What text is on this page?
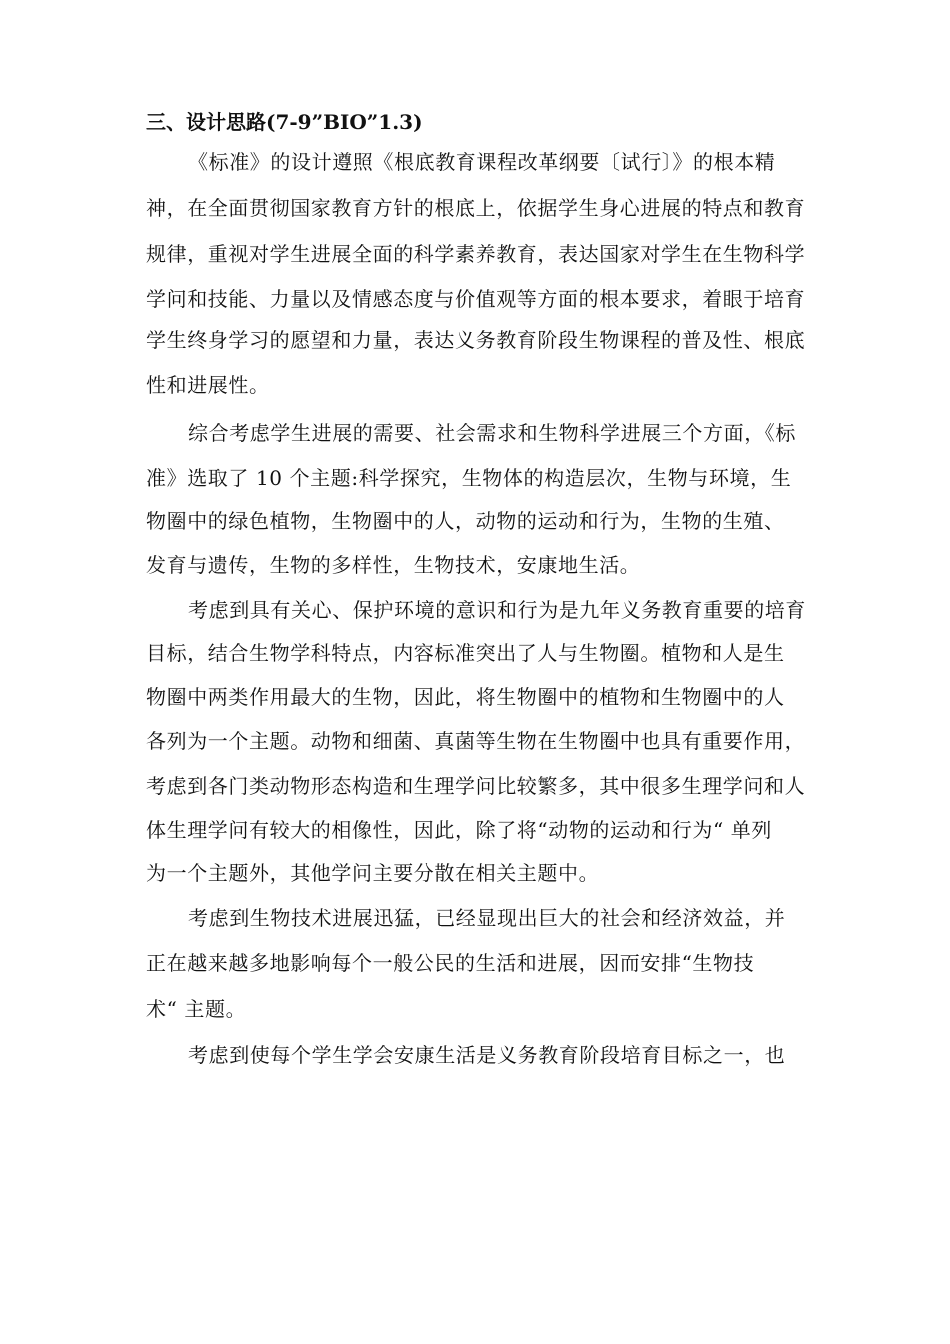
三、设计思路(7-9”BIO”1.3)
《标准》的设计遵照《根底教育课程改革纲要〔试行〕》的根本精
神，在全面贯彻国家教育方针的根底上，依据学生身心进展的特点和教育
规律，重视对学生进展全面的科学素养教育，表达国家对学生在生物科学
学问和技能、力量以及情感态度与价值观等方面的根本要求，着眼于培育
学生终身学习的愿望和力量，表达义务教育阶段生物课程的普及性、根底
性和进展性。
综合考虑学生进展的需要、社会需求和生物科学进展三个方面，《标
准》选取了 10 个主题:科学探究，生物体的构造层次，生物与环境，生
物圈中的绿色植物，生物圈中的人，动物的运动和行为，生物的生殖、
发育与遗传，生物的多样性，生物技术，安康地生活。
考虑到具有关心、保护环境的意识和行为是九年义务教育重要的培育
目标，结合生物学科特点，内容标准突出了人与生物圈。植物和人是生
物圈中两类作用最大的生物，因此，将生物圈中的植物和生物圈中的人
各列为一个主题。动物和细菌、真菌等生物在生物圈中也具有重要作用，
考虑到各门类动物形态构造和生理学问比较繁多，其中很多生理学问和人
体生理学问有较大的相像性，因此，除了将“动物的运动和行为“ 单列
为一个主题外，其他学问主要分散在相关主题中。
考虑到生物技术进展迅猛，已经显现出巨大的社会和经济效益，并
正在越来越多地影响每个一般公民的生活和进展，因而安排“生物技
术“ 主题。
考虑到使每个学生学会安康生活是义务教育阶段培育目标之一，也
